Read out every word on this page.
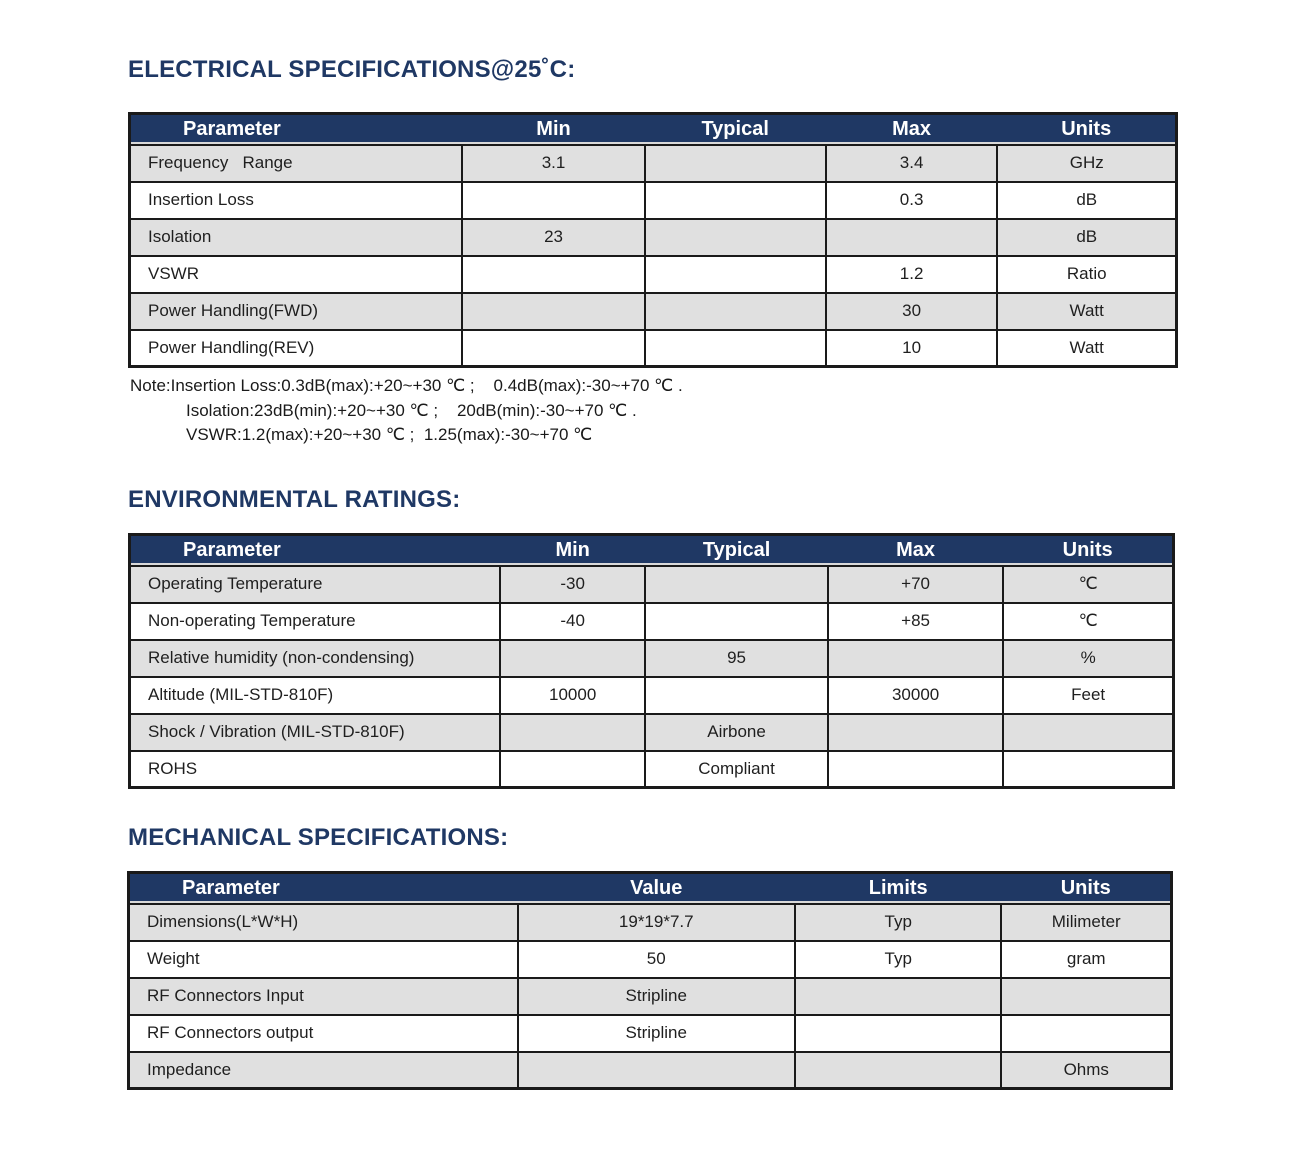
ELECTRICAL SPECIFICATIONS@25˚C:
Parameter	Min	Typical	Max	Units
Frequency   Range	3.1		3.4	GHz
Insertion Loss			0.3	dB
Isolation	23			dB
VSWR			1.2	Ratio
Power Handling(FWD)			30	Watt
Power Handling(REV)			10	Watt
Note:Insertion Loss:0.3dB(max):+20~+30 ℃ ;    0.4dB(max):-30~+70 ℃ .
Isolation:23dB(min):+20~+30 ℃ ;    20dB(min):-30~+70 ℃ .
VSWR:1.2(max):+20~+30 ℃ ;  1.25(max):-30~+70 ℃
ENVIRONMENTAL RATINGS:
Parameter	Min	Typical	Max	Units
Operating Temperature	-30		+70	℃
Non-operating Temperature	-40		+85	℃
Relative humidity (non-condensing)		95		%
Altitude (MIL-STD-810F)	10000		30000	Feet
Shock / Vibration (MIL-STD-810F)		Airbone		
ROHS		Compliant		
MECHANICAL SPECIFICATIONS:
Parameter	Value	Limits	Units
Dimensions(L*W*H)	19*19*7.7	Typ	Milimeter
Weight	50	Typ	gram
RF Connectors Input	Stripline		
RF Connectors output	Stripline		
Impedance			Ohms
